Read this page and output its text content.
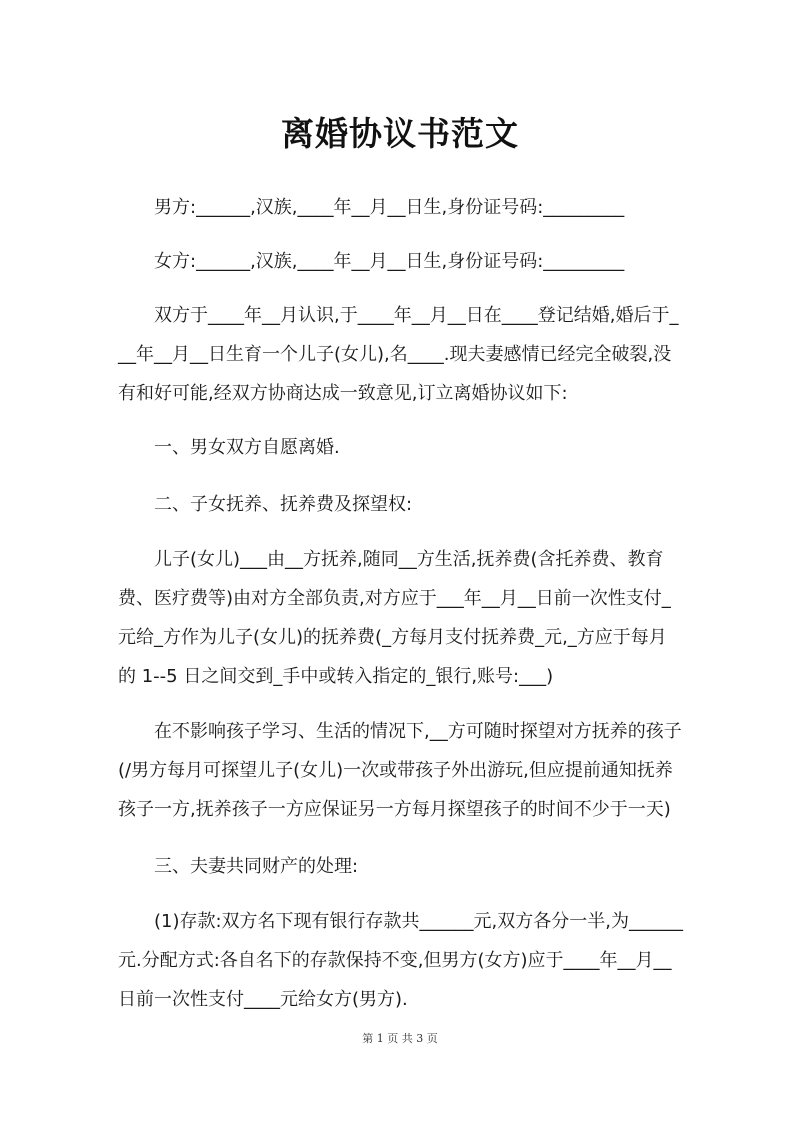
离婚协议书范文

男方:______,汉族,____年__月__日生,身份证号码:_________

女方:______,汉族,____年__月__日生,身份证号码:_________

双方于____年__月认识,于____年__月__日在____登记结婚,婚后于___年__月__日生育一个儿子(女儿),名____.现夫妻感情已经完全破裂,没有和好可能,经双方协商达成一致意见,订立离婚协议如下:

一、男女双方自愿离婚.

二、子女抚养、抚养费及探望权:

儿子(女儿)___由__方抚养,随同__方生活,抚养费(含托养费、教育费、医疗费等)由对方全部负责,对方应于___年__月__日前一次性支付_元给_方作为儿子(女儿)的抚养费(_方每月支付抚养费_元,_方应于每月的 1--5 日之间交到_手中或转入指定的_银行,账号:___)

在不影响孩子学习、生活的情况下,__方可随时探望对方抚养的孩子(/男方每月可探望儿子(女儿)一次或带孩子外出游玩,但应提前通知抚养孩子一方,抚养孩子一方应保证另一方每月探望孩子的时间不少于一天)

三、夫妻共同财产的处理:

(1)存款:双方名下现有银行存款共______元,双方各分一半,为______元.分配方式:各自名下的存款保持不变,但男方(女方)应于____年__月__日前一次性支付____元给女方(男方).

第 1 页 共 3 页
